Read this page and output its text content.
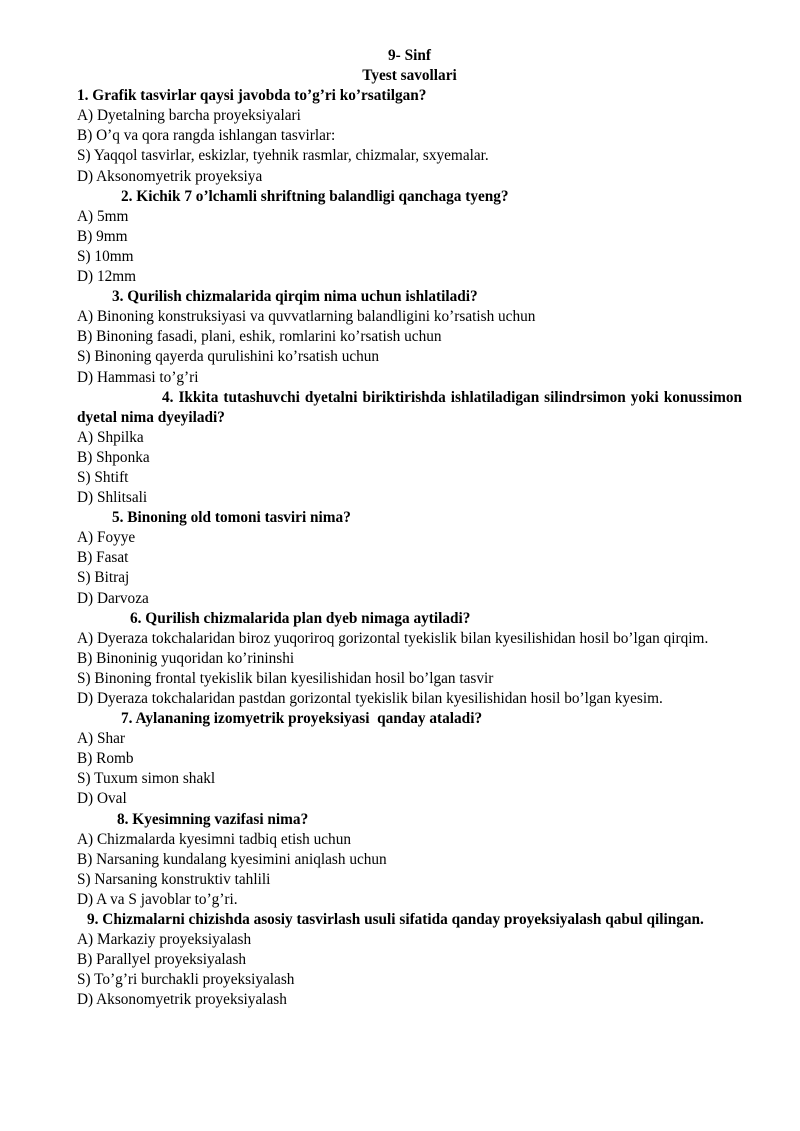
9- Sinf
Tyest savollari
1. Grafik tasvirlar qaysi javobda to’g’ri ko’rsatilgan?
A) Dyetalning barcha proyeksiyalari
B) O’q va qora rangda ishlangan tasvirlar:
S) Yaqqol tasvirlar, eskizlar, tyehnik rasmlar, chizmalar, sxyemalar.
D) Aksonomyetrik proyeksiya
2. Kichik 7 o’lchamli shriftning balandligi qanchaga tyeng?
A) 5mm
B) 9mm
S) 10mm
D) 12mm
3. Qurilish chizmalarida qirqim nima uchun ishlatiladi?
A) Binoning konstruksiyasi va quvvatlarning balandligini ko’rsatish uchun
B) Binoning fasadi, plani, eshik, romlarini ko’rsatish uchun
S) Binoning qayerda qurulishini ko’rsatish uchun
D) Hammasi to’g’ri
4. Ikkita tutashuvchi dyetalni biriktirishda ishlatiladigan silindrsimon yoki konussimon dyetal nima dyeyiladi?
A) Shpilka
B) Shponka
S) Shtift
D) Shlitsali
5. Binoning old tomoni tasviri nima?
A) Foyye
B) Fasat
S) Bitraj
D) Darvoza
6. Qurilish chizmalarida plan dyeb nimaga aytiladi?
A) Dyeraza tokchalaridan biroz yuqoriroq gorizontal tyekislik bilan kyesilishidan hosil bo’lgan qirqim.
B) Binoninig yuqoridan ko’rininshi
S) Binoning frontal tyekislik bilan kyesilishidan hosil bo’lgan tasvir
D) Dyeraza tokchalaridan pastdan gorizontal tyekislik bilan kyesilishidan hosil bo’lgan kyesim.
7. Aylananing izomyetrik proyeksiyasi  qanday ataladi?
A) Shar
B) Romb
S) Tuxum simon shakl
D) Oval
8. Kyesimning vazifasi nima?
A) Chizmalarda kyesimni tadbiq etish uchun
B) Narsaning kundalang kyesimini aniqlash uchun
S) Narsaning konstruktiv tahlili
D) A va S javoblar to’g’ri.
9. Chizmalarni chizishda asosiy tasvirlash usuli sifatida qanday proyeksiyalash qabul qilingan.
A) Markaziy proyeksiyalash
B) Parallyel proyeksiyalash
S) To’g’ri burchakli proyeksiyalash
D) Aksonomyetrik proyeksiyalash
